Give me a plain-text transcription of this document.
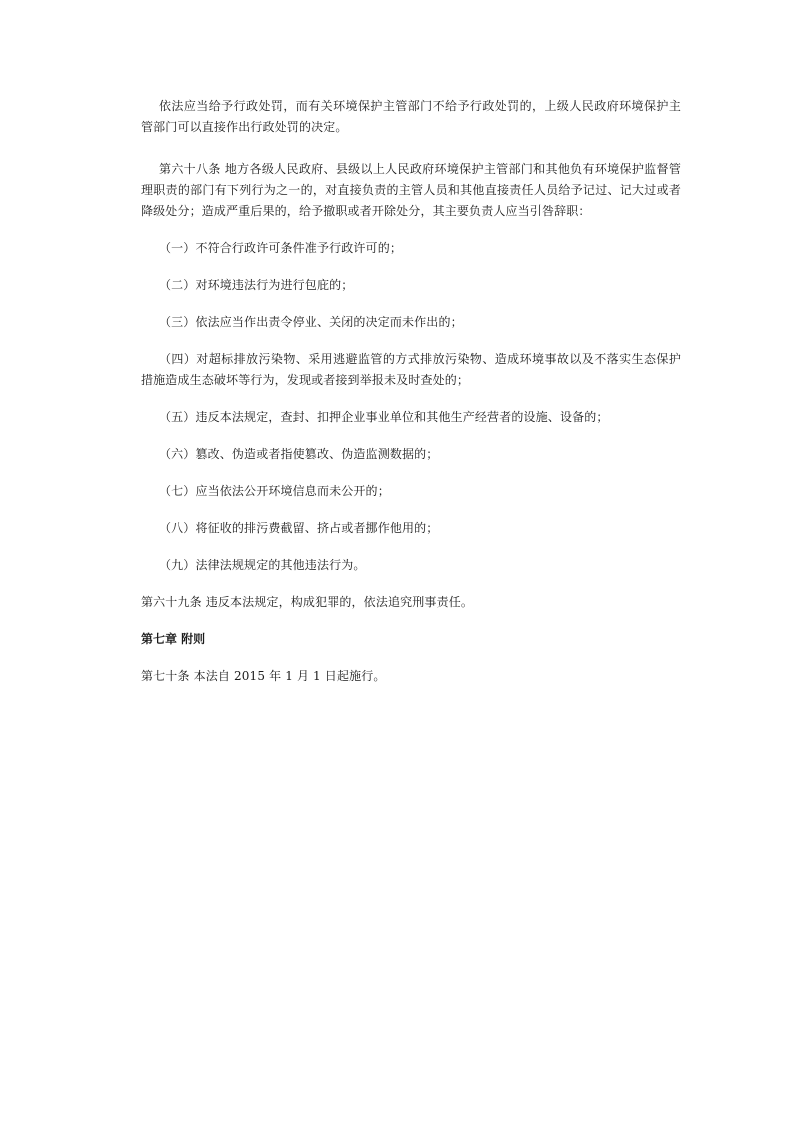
依法应当给予行政处罚，而有关环境保护主管部门不给予行政处罚的，上级人民政府环境保护主管部门可以直接作出行政处罚的决定。

第六十八条 地方各级人民政府、县级以上人民政府环境保护主管部门和其他负有环境保护监督管理职责的部门有下列行为之一的，对直接负责的主管人员和其他直接责任人员给予记过、记大过或者降级处分；造成严重后果的，给予撤职或者开除处分，其主要负责人应当引咎辞职：

（一）不符合行政许可条件准予行政许可的；

（二）对环境违法行为进行包庇的；

（三）依法应当作出责令停业、关闭的决定而未作出的；

（四）对超标排放污染物、采用逃避监管的方式排放污染物、造成环境事故以及不落实生态保护措施造成生态破坏等行为，发现或者接到举报未及时查处的；

（五）违反本法规定，查封、扣押企业事业单位和其他生产经营者的设施、设备的；

（六）篡改、伪造或者指使篡改、伪造监测数据的；

（七）应当依法公开环境信息而未公开的；

（八）将征收的排污费截留、挤占或者挪作他用的；

（九）法律法规规定的其他违法行为。

第六十九条 违反本法规定，构成犯罪的，依法追究刑事责任。

第七章 附则

第七十条 本法自 2015 年 1 月 1 日起施行。
